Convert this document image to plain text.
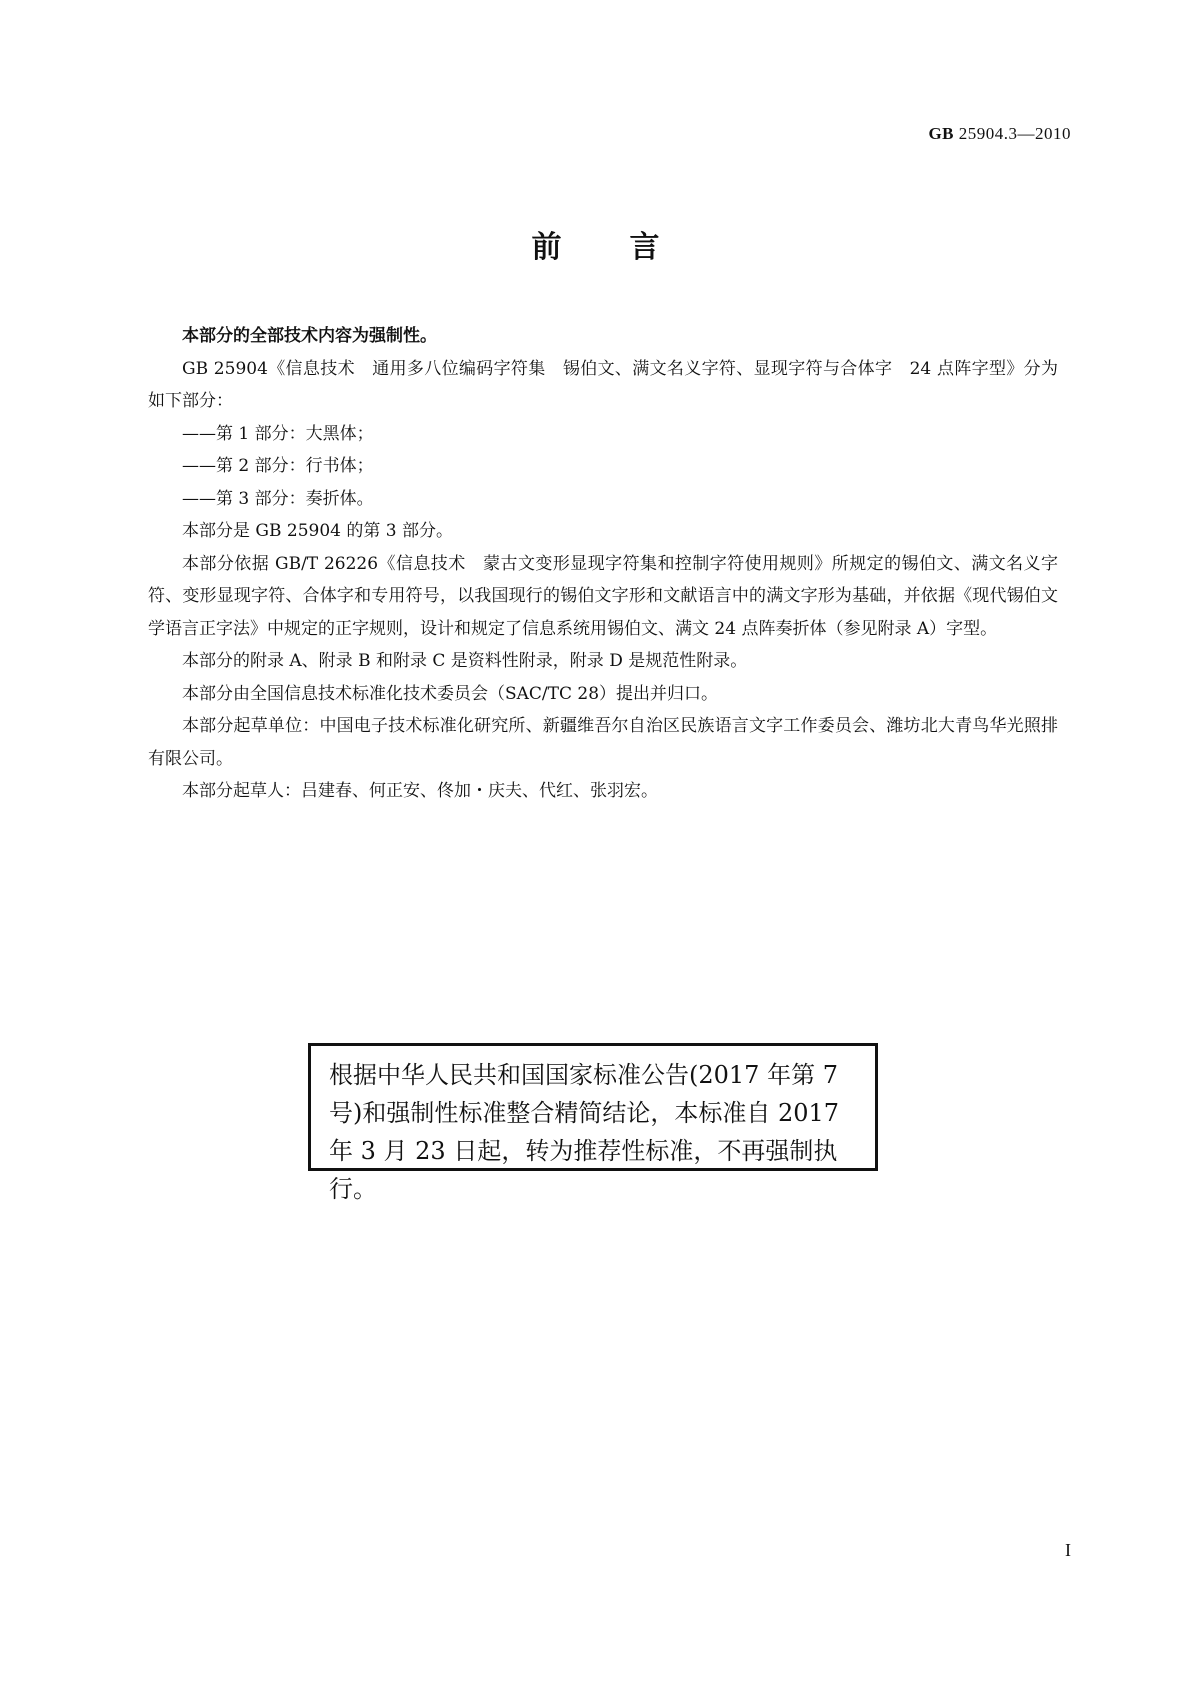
GB 25904.3—2010
前言

本部分的全部技术内容为强制性。

GB 25904《信息技术　通用多八位编码字符集　锡伯文、满文名义字符、显现字符与合体字　24 点阵字型》分为如下部分：

——第 1 部分：大黑体；

——第 2 部分：行书体；

——第 3 部分：奏折体。

本部分是 GB 25904 的第 3 部分。

本部分依据 GB/T 26226《信息技术　蒙古文变形显现字符集和控制字符使用规则》所规定的锡伯文、满文名义字符、变形显现字符、合体字和专用符号，以我国现行的锡伯文字形和文献语言中的满文字形为基础，并依据《现代锡伯文学语言正字法》中规定的正字规则，设计和规定了信息系统用锡伯文、满文 24 点阵奏折体（参见附录 A）字型。

本部分的附录 A、附录 B 和附录 C 是资料性附录，附录 D 是规范性附录。

本部分由全国信息技术标准化技术委员会（SAC/TC 28）提出并归口。

本部分起草单位：中国电子技术标准化研究所、新疆维吾尔自治区民族语言文字工作委员会、潍坊北大青鸟华光照排有限公司。

本部分起草人：吕建春、何正安、佟加・庆夫、代红、张羽宏。

根据中华人民共和国国家标准公告(2017 年第 7

号)和强制性标准整合精简结论，本标准自 2017

年 3 月 23 日起，转为推荐性标准，不再强制执行。

I
